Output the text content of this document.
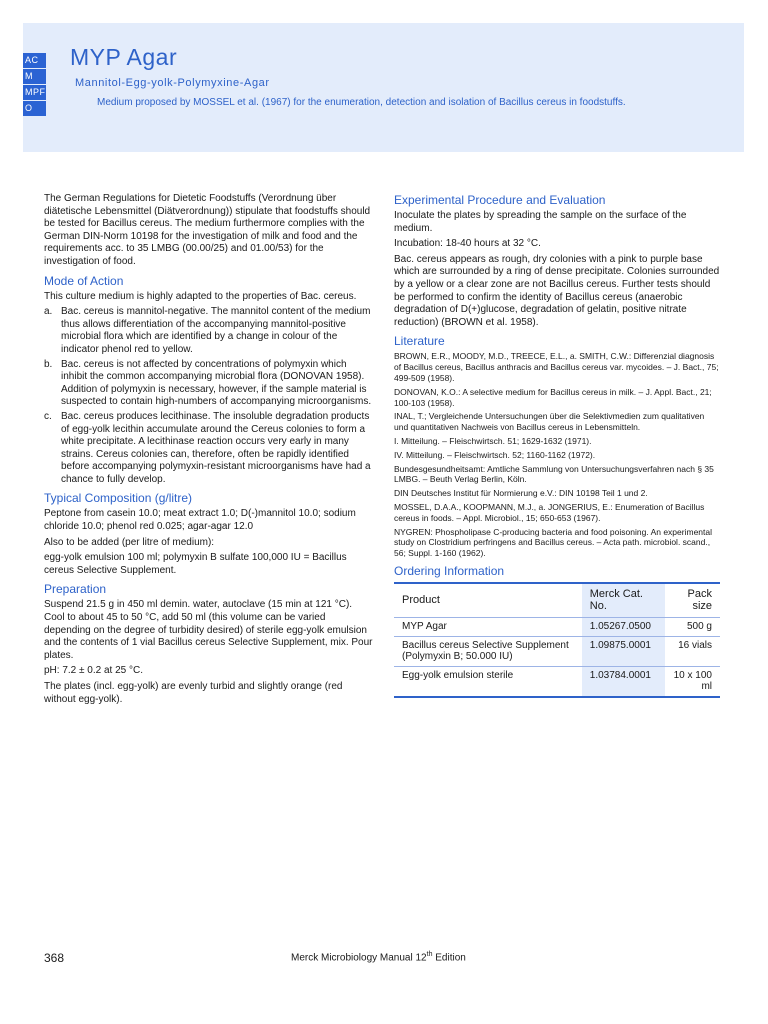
AC
M
MPF
O
MYP Agar

Mannitol-Egg-yolk-Polymyxine-Agar

Medium proposed by MOSSEL et al. (1967) for the enumeration, detection and isolation of Bacillus cereus in foodstuffs.

The German Regulations for Dietetic Foodstuffs (Verordnung über diätetische Lebensmittel (Diätverordnung)) stipulate that foodstuffs should be tested for Bacillus cereus. The medium furthermore complies with the German DIN-Norm 10198 for the investigation of milk and food and the requirements acc. to 35 LMBG (00.00/25) and 01.00/53) for the investigation of food.

Mode of Action

This culture medium is highly adapted to the properties of Bac. cereus.

a. Bac. cereus is mannitol-negative. The mannitol content of the medium thus allows differentiation of the accompanying mannitol-positive microbial flora which are identified by a change in colour of the indicator phenol red to yellow.
b. Bac. cereus is not affected by concentrations of polymyxin which inhibit the common accompanying microbial flora (DONOVAN 1958). Addition of polymyxin is necessary, however, if the sample material is suspected to contain high-numbers of accompanying microorganisms.
c. Bac. cereus produces lecithinase. The insoluble degradation products of egg-yolk lecithin accumulate around the Cereus colonies to form a white precipitate. A lecithinase reaction occurs very early in many strains. Cereus colonies can, therefore, often be rapidly identified before accompanying polymyxin-resistant microorganisms have had a chance to fully develop.
Typical Composition (g/litre)

Peptone from casein 10.0; meat extract 1.0; D(-)mannitol 10.0; sodium chloride 10.0; phenol red 0.025; agar-agar 12.0

Also to be added (per litre of medium):

egg-yolk emulsion 100 ml; polymyxin B sulfate 100,000 IU = Bacillus cereus Selective Supplement.

Preparation

Suspend 21.5 g in 450 ml demin. water, autoclave (15 min at 121 °C). Cool to about 45 to 50 °C, add 50 ml (this volume can be varied depending on the degree of turbidity desired) of sterile egg-yolk emulsion and the contents of 1 vial Bacillus cereus Selective Supplement, mix. Pour plates.

pH: 7.2 ± 0.2 at 25 °C.

The plates (incl. egg-yolk) are evenly turbid and slightly orange (red without egg-yolk).

Experimental Procedure and Evaluation

Inoculate the plates by spreading the sample on the surface of the medium.

Incubation: 18-40 hours at 32 °C.

Bac. cereus appears as rough, dry colonies with a pink to purple base which are surrounded by a ring of dense precipitate. Colonies surrounded by a yellow or a clear zone are not Bacillus cereus. Further tests should be performed to confirm the identity of Bacillus cereus (anaerobic degradation of D(+)glucose, degradation of gelatin, positive nitrate reduction) (BROWN et al. 1958).

Literature

BROWN, E.R., MOODY, M.D., TREECE, E.L., a. SMITH, C.W.: Differenzial diagnosis of Bacillus cereus, Bacillus anthracis and Bacillus cereus var. mycoides. – J. Bact., 75; 499-509 (1958).

DONOVAN, K.O.: A selective medium for Bacillus cereus in milk. – J. Appl. Bact., 21; 100-103 (1958).

INAL, T.; Vergleichende Untersuchungen über die Selektivmedien zum qualitativen und quantitativen Nachweis von Bacillus cereus in Lebensmitteln.

I. Mitteilung. – Fleischwirtsch. 51; 1629-1632 (1971).

IV. Mitteilung. – Fleischwirtsch. 52; 1160-1162 (1972).

Bundesgesundheitsamt: Amtliche Sammlung von Untersuchungsverfahren nach § 35 LMBG. – Beuth Verlag Berlin, Köln.

DIN Deutsches Institut für Normierung e.V.: DIN 10198 Teil 1 und 2.

MOSSEL, D.A.A., KOOPMANN, M.J., a. JONGERIUS, E.: Enumeration of Bacillus cereus in foods. – Appl. Microbiol., 15; 650-653 (1967).

NYGREN: Phospholipase C-producing bacteria and food poisoning. An experimental study on Clostridium perfringens and Bacillus cereus. – Acta path. microbiol. scand., 56; Suppl. 1-160 (1962).

Ordering Information
Product	Merck Cat. No.	Pack size
MYP Agar	1.05267.0500	500 g
Bacillus cereus Selective Supplement (Polymyxin B; 50.000 IU)	1.09875.0001	16 vials
Egg-yolk emulsion sterile	1.03784.0001	10 x 100 ml
368	Merck Microbiology Manual 12th Edition
